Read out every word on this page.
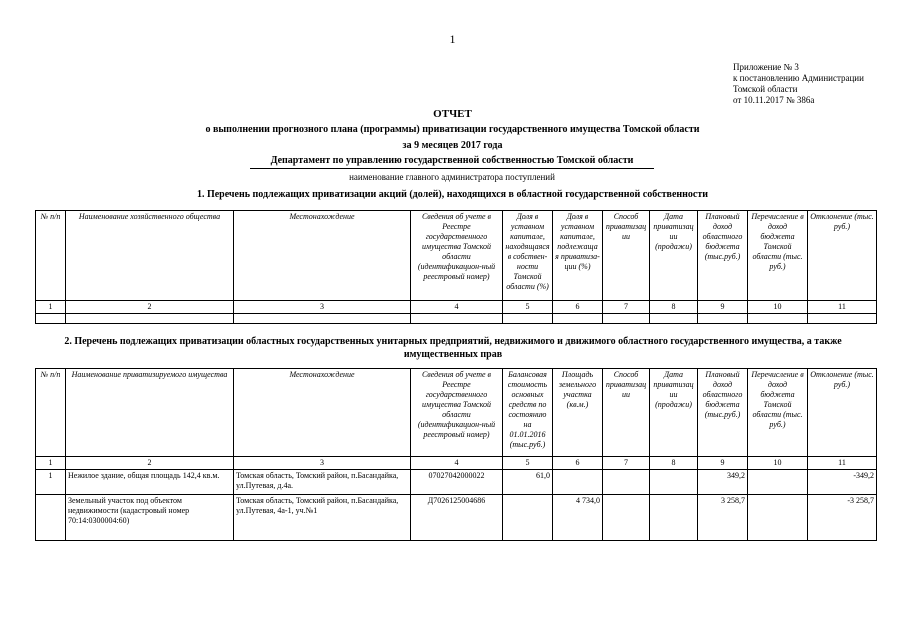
1
Приложение № 3
к постановлению Администрации
Томской области
от 10.11.2017 № 386а
ОТЧЕТ
о выполнении прогнозного плана (программы) приватизации государственного имущества Томской области
за 9 месяцев 2017 года
Департамент по управлению государственной собственностью Томской области
наименование главного администратора поступлений
1. Перечень подлежащих приватизации акций (долей), находящихся в областной государственной собственности
№ п/п	Наименование хозяйственного общества	Местонахождение	Сведения об учете в Реестре государственного имущества Томской области (идентификацион-ный реестровый номер)	Доля в уставном капитале, находящаяся в собствен-ности Томской области (%)	Доля в уставном капитале, подлежаща я приватиза-ции (%)	Способ приватизац ии	Дата приватизац ии (продажи)	Плановый доход областного бюджета (тыс.руб.)	Перечисление в доход бюджета Томской области (тыс. руб.)	Отклонение (тыс. руб.)
1	2	3	4	5	6	7	8	9	10	11

2. Перечень подлежащих приватизации областных государственных унитарных предприятий, недвижимого и движимого областного государственного имущества, а также имущественных прав
№ п/п	Наименование приватизируемого имущества	Местонахождение	Сведения об учете в Реестре государственного имущества Томской области (идентификацион-ный реестровый номер)	Балансовая стоимость основных средств по состоянию на 01.01.2016 (тыс.руб.)	Площадь земельного участка (кв.м.)	Способ приватизац ии	Дата приватизац ии (продажи)	Плановый доход областного бюджета (тыс.руб.)	Перечисление в доход бюджета Томской области (тыс. руб.)	Отклонение (тыс. руб.)
1	2	3	4	5	6	7	8	9	10	11
1	Нежилое здание, общая площадь 142,4 кв.м.	Томская область, Томский район, п.Басандайка, ул.Путевая, д.4а.	07027042000022	61,0				349,2		-349,2
	Земельный участок под объектом недвижимости (кадастровый номер 70:14:0300004:60)	Томская область, Томский район, п.Басандайка, ул.Путевая, 4а-1, уч.№1	Д7026125004686		4 734,0			3 258,7		-3 258,7
